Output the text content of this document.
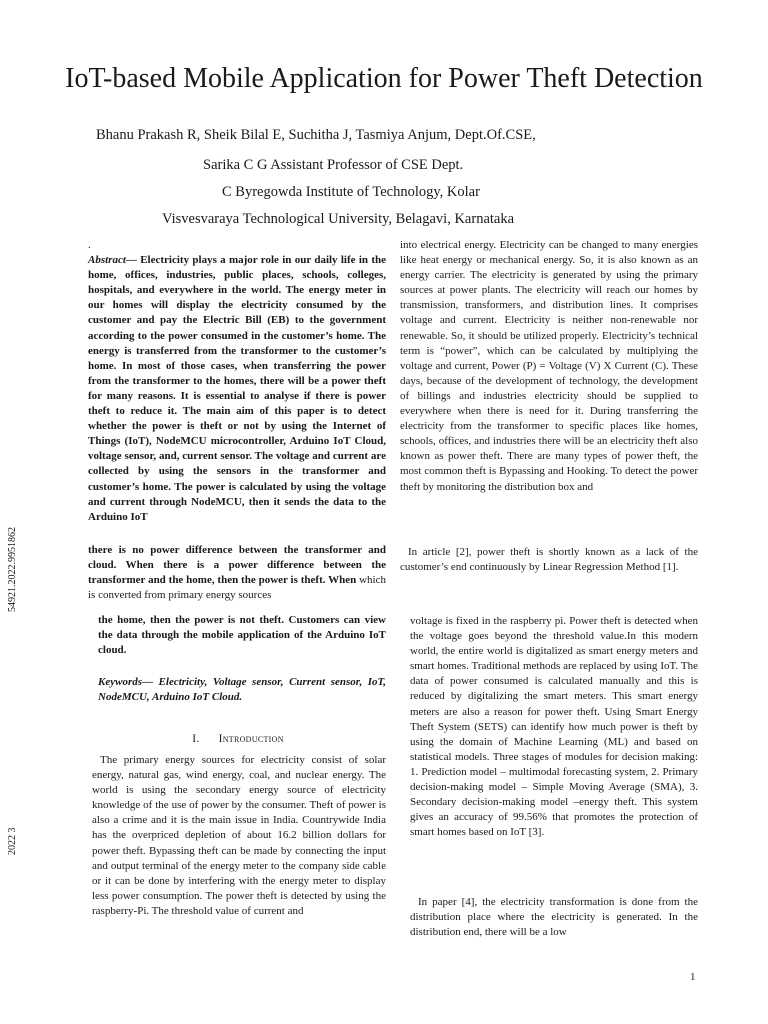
IoT-based Mobile Application for Power Theft Detection
Bhanu Prakash R, Sheik Bilal E, Suchitha J, Tasmiya Anjum, Dept.Of.CSE,
Sarika C G Assistant Professor of CSE Dept.
C Byregowda Institute of Technology, Kolar
Visvesvaraya Technological University, Belagavi, Karnataka
54921.2022.9951862
2022 3

.
Abstract— Electricity plays a major role in our daily life in the home, offices, industries, public places, schools, colleges, hospitals, and everywhere in the world. The energy meter in our homes will display the electricity consumed by the customer and pay the Electric Bill (EB) to the government according to the power consumed in the customer’s home. The energy is transferred from the transformer to the customer’s home. In most of those cases, when transferring the power from the transformer to the homes, there will be a power theft for many reasons. It is essential to analyse if there is power theft to reduce it. The main aim of this paper is to detect whether the power is theft or not by using the Internet of Things (IoT), NodeMCU microcontroller, Arduino IoT Cloud, voltage sensor, and, current sensor. The voltage and current are collected by using the sensors in the transformer and customer’s home. The power is calculated by using the voltage and current through NodeMCU, then it sends the data to the Arduino IoT

there is no power difference between the transformer and cloud. When there is a power difference between the transformer and the home, then the power is theft. When which is converted from primary energy sources

the home, then the power is not theft. Customers can view the data through the mobile application of the Arduino IoT cloud.

Keywords— Electricity, Voltage sensor, Current sensor, IoT, NodeMCU, Arduino IoT Cloud.

I. Introduction

The primary energy sources for electricity consist of solar energy, natural gas, wind energy, coal, and nuclear energy. The world is using the secondary energy source of electricity knowledge of the use of power by the consumer. Theft of power is also a crime and it is the main issue in India. Countrywide India has the overpriced depletion of about 16.2 billion dollars for power theft. Bypassing theft can be made by connecting the input and output terminal of the energy meter to the company side cable or it can be done by interfering with the energy meter to display less power consumption. The power theft is detected by using the raspberry-Pi. The threshold value of current and

into electrical energy. Electricity can be changed to many energies like heat energy or mechanical energy. So, it is also known as an energy carrier. The electricity is generated by using the primary sources at power plants. The electricity will reach our homes by transmission, transformers, and distribution lines. It comprises voltage and current. Electricity is neither non-renewable nor renewable. So, it should be utilized properly. Electricity’s technical term is “power”, which can be calculated by multiplying the voltage and current, Power (P) = Voltage (V) X Current (C). These days, because of the development of technology, the development of billings and industries electricity should be supplied to everywhere when there is need for it. During transferring the electricity from the transformer to specific places like homes, schools, offices, and industries there will be an electricity theft also known as power theft. There are many types of power theft, the most common theft is Bypassing and Hooking. To detect the power theft by monitoring the distribution box and

In article [2], power theft is shortly known as a lack of the customer’s end continuously by Linear Regression Method [1].

voltage is fixed in the raspberry pi. Power theft is detected when the voltage goes beyond the threshold value.In this modern world, the entire world is digitalized as smart energy meters and smart homes. Traditional methods are replaced by using IoT. The data of power consumed is calculated manually and this is reduced by digitalizing the smart meters. This smart energy meters are also a reason for power theft. Using Smart Energy Theft System (SETS) can identify how much power is theft by using the domain of Machine Learning (ML) and based on statistical models. Three stages of modules for decision making: 1. Prediction model – multimodal forecasting system, 2. Primary decision-making model – Simple Moving Average (SMA), 3. Secondary decision-making model –energy theft. This system gives an accuracy of 99.56% that promotes the protection of smart homes based on IoT [3].

In paper [4], the electricity transformation is done from the distribution place where the electricity is generated. In the distribution end, there will be a low

1
